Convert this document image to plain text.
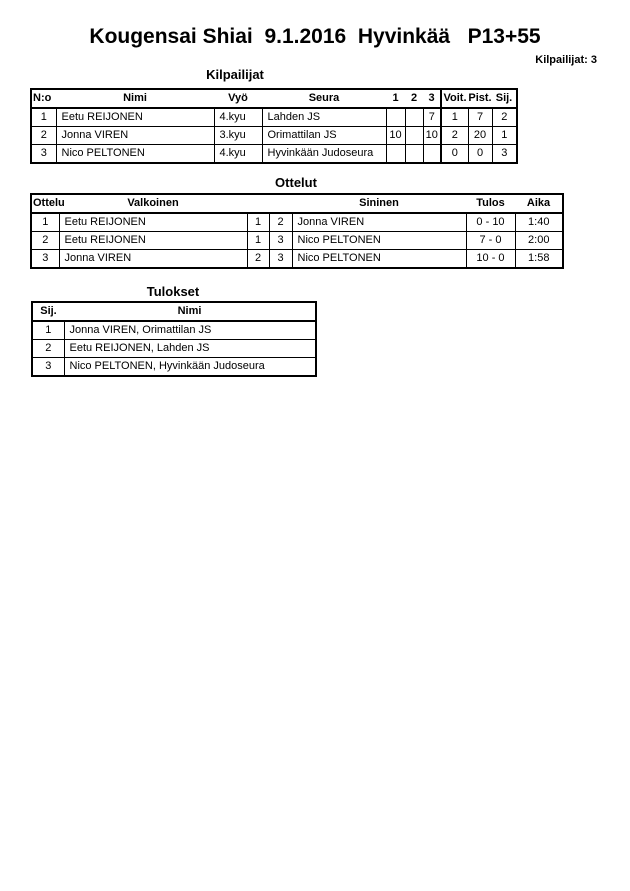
Kougensai Shiai  9.1.2016  Hyvinkää   P13+55
Kilpailijat: 3
Kilpailijat
N:o	Nimi	Vyö	Seura	1	2	3	Voit.	Pist.	Sij.
1	Eetu REIJONEN	4.kyu	Lahden JS			7	1	7	2
2	Jonna VIREN	3.kyu	Orimattilan JS	10		10	2	20	1
3	Nico PELTONEN	4.kyu	Hyvinkään Judoseura				0	0	3
Ottelut
Ottelu	Valkoinen			Sininen	Tulos	Aika
1	Eetu REIJONEN	1	2	Jonna VIREN	0 - 10	1:40
2	Eetu REIJONEN	1	3	Nico PELTONEN	7 - 0	2:00
3	Jonna VIREN	2	3	Nico PELTONEN	10 - 0	1:58
Tulokset
Sij.	Nimi
1	Jonna VIREN, Orimattilan JS
2	Eetu REIJONEN, Lahden JS
3	Nico PELTONEN, Hyvinkään Judoseura
